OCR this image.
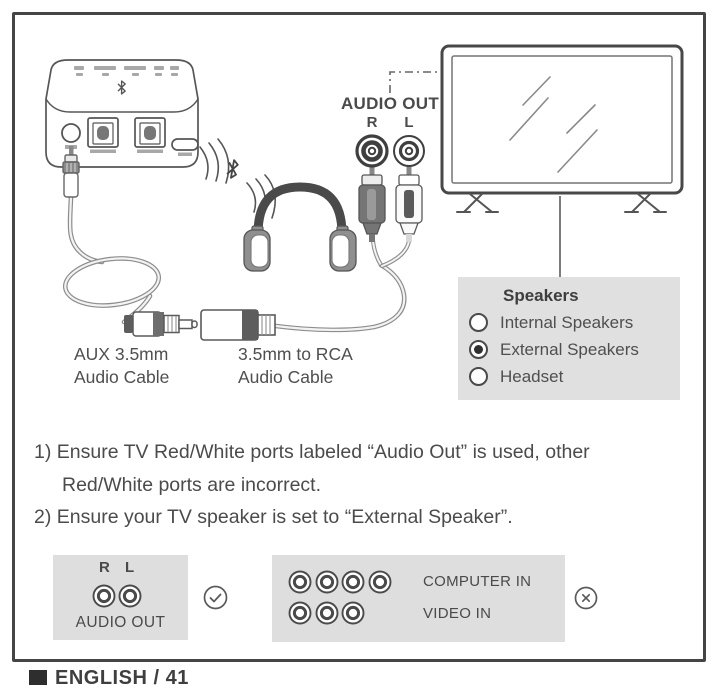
AUDIO OUT
R L
AUX 3.5mm
Audio Cable
3.5mm to RCA
Audio Cable
Speakers
Internal Speakers
External Speakers
Headset
1) Ensure TV Red/White ports labeled “Audio Out” is used, other
Red/White ports are incorrect.
2) Ensure your TV speaker is set to “External Speaker”.
R L
AUDIO OUT
COMPUTER IN
VIDEO IN
ENGLISH / 41
